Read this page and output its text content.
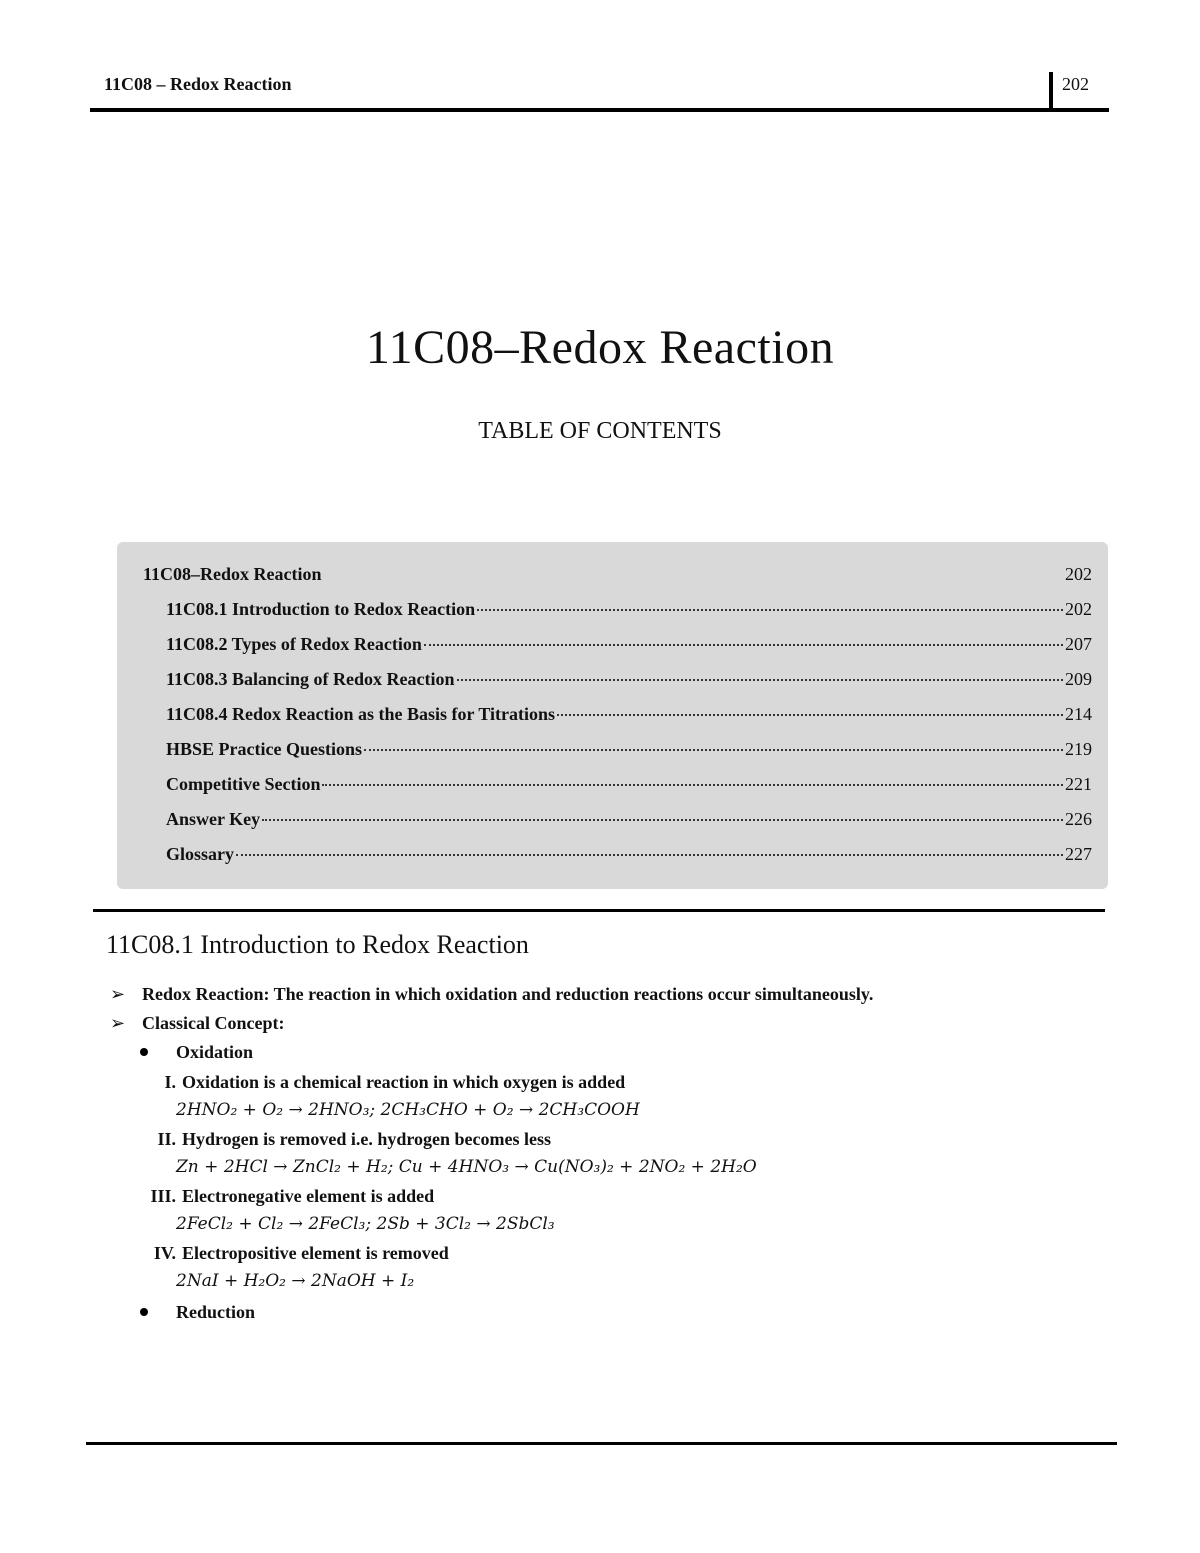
11C08 – Redox Reaction	202
11C08–Redox Reaction
TABLE OF CONTENTS
11C08–Redox Reaction	202
11C08.1 Introduction to Redox Reaction	202
11C08.2 Types of Redox Reaction	207
11C08.3 Balancing of Redox Reaction	209
11C08.4 Redox Reaction as the Basis for Titrations	214
HBSE Practice Questions	219
Competitive Section	221
Answer Key	226
Glossary	227
11C08.1 Introduction to Redox Reaction
➢ Redox Reaction: The reaction in which oxidation and reduction reactions occur simultaneously.
➢ Classical Concept:
Oxidation
I. Oxidation is a chemical reaction in which oxygen is added
2HNO₂ + O₂ → 2HNO₃; 2CH₃CHO + O₂ → 2CH₃COOH
II. Hydrogen is removed i.e. hydrogen becomes less
Zn + 2HCl → ZnCl₂ + H₂; Cu + 4HNO₃ → Cu(NO₃)₂ + 2NO₂ + 2H₂O
III. Electronegative element is added
2FeCl₂ + Cl₂ → 2FeCl₃; 2Sb + 3Cl₂ → 2SbCl₃
IV. Electropositive element is removed
2NaI + H₂O₂ → 2NaOH + I₂
Reduction
